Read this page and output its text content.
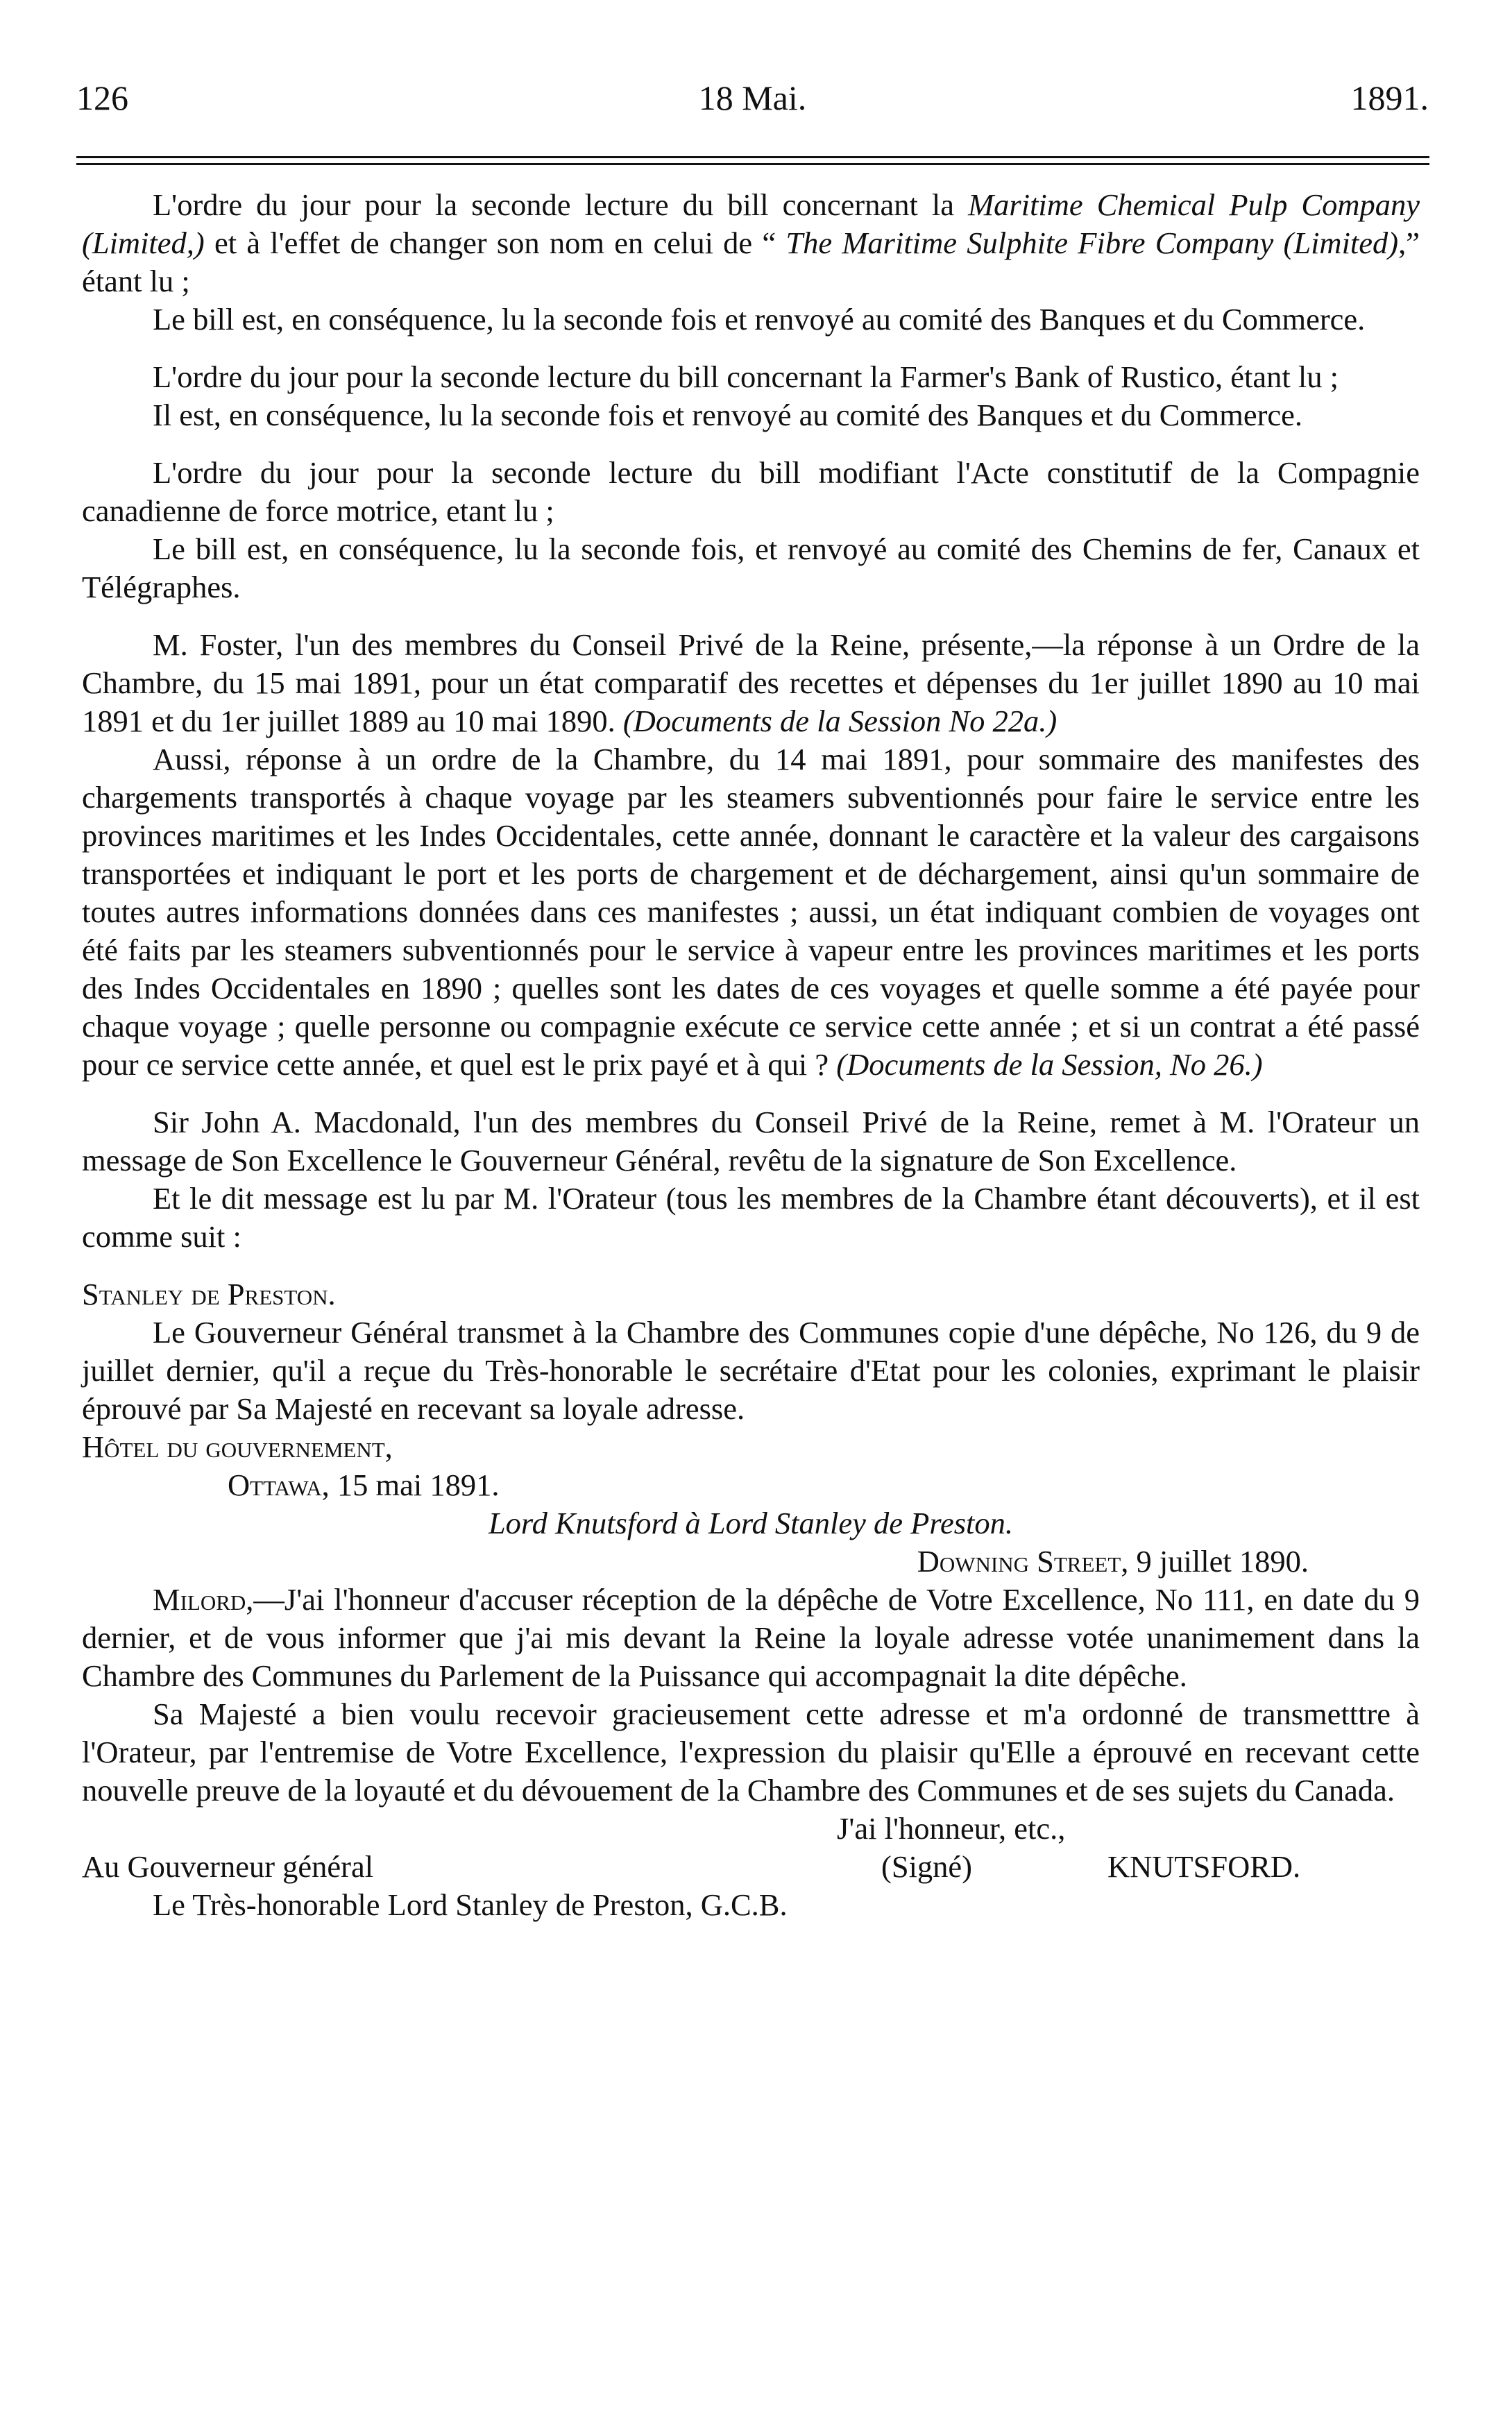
126	18 Mai.	1891.

L'ordre du jour pour la seconde lecture du bill concernant la Maritime Chemical Pulp Company (Limited,) et à l'effet de changer son nom en celui de “ The Maritime Sulphite Fibre Company (Limited),” étant lu ;

Le bill est, en conséquence, lu la seconde fois et renvoyé au comité des Banques et du Commerce.

L'ordre du jour pour la seconde lecture du bill concernant la Farmer's Bank of Rustico, étant lu ;

Il est, en conséquence, lu la seconde fois et renvoyé au comité des Banques et du Commerce.

L'ordre du jour pour la seconde lecture du bill modifiant l'Acte constitutif de la Compagnie canadienne de force motrice, etant lu ;

Le bill est, en conséquence, lu la seconde fois, et renvoyé au comité des Chemins de fer, Canaux et Télégraphes.

M. Foster, l'un des membres du Conseil Privé de la Reine, présente,—la réponse à un Ordre de la Chambre, du 15 mai 1891, pour un état comparatif des recettes et dépenses du 1er juillet 1890 au 10 mai 1891 et du 1er juillet 1889 au 10 mai 1890. (Documents de la Session No 22a.)

Aussi, réponse à un ordre de la Chambre, du 14 mai 1891, pour sommaire des manifestes des chargements transportés à chaque voyage par les steamers subventionnés pour faire le service entre les provinces maritimes et les Indes Occidentales, cette année, donnant le caractère et la valeur des cargaisons transportées et indiquant le port et les ports de chargement et de déchargement, ainsi qu'un sommaire de toutes autres informations données dans ces manifestes ; aussi, un état indiquant combien de voyages ont été faits par les steamers subventionnés pour le service à vapeur entre les provinces maritimes et les ports des Indes Occidentales en 1890 ; quelles sont les dates de ces voyages et quelle somme a été payée pour chaque voyage ; quelle personne ou compagnie exécute ce service cette année ; et si un contrat a été passé pour ce service cette année, et quel est le prix payé et à qui ? (Documents de la Session, No 26.)

Sir John A. Macdonald, l'un des membres du Conseil Privé de la Reine, remet à M. l'Orateur un message de Son Excellence le Gouverneur Général, revêtu de la signature de Son Excellence.

Et le dit message est lu par M. l'Orateur (tous les membres de la Chambre étant découverts), et il est comme suit :

Stanley de Preston.

Le Gouverneur Général transmet à la Chambre des Communes copie d'une dépêche, No 126, du 9 de juillet dernier, qu'il a reçue du Très-honorable le secrétaire d'Etat pour les colonies, exprimant le plaisir éprouvé par Sa Majesté en recevant sa loyale adresse.

Hôtel du gouvernement,

Ottawa, 15 mai 1891.

Lord Knutsford à Lord Stanley de Preston.

Downing Street, 9 juillet 1890.

Milord,—J'ai l'honneur d'accuser réception de la dépêche de Votre Excellence, No 111, en date du 9 dernier, et de vous informer que j'ai mis devant la Reine la loyale adresse votée unanimement dans la Chambre des Communes du Parlement de la Puissance qui accompagnait la dite dépêche.

Sa Majesté a bien voulu recevoir gracieusement cette adresse et m'a ordonné de transmetttre à l'Orateur, par l'entremise de Votre Excellence, l'expression du plaisir qu'Elle a éprouvé en recevant cette nouvelle preuve de la loyauté et du dévouement de la Chambre des Communes et de ses sujets du Canada.

J'ai l'honneur, etc.,
Au Gouverneur général	(Signé)	KNUTSFORD.

Le Très-honorable Lord Stanley de Preston, G.C.B.
